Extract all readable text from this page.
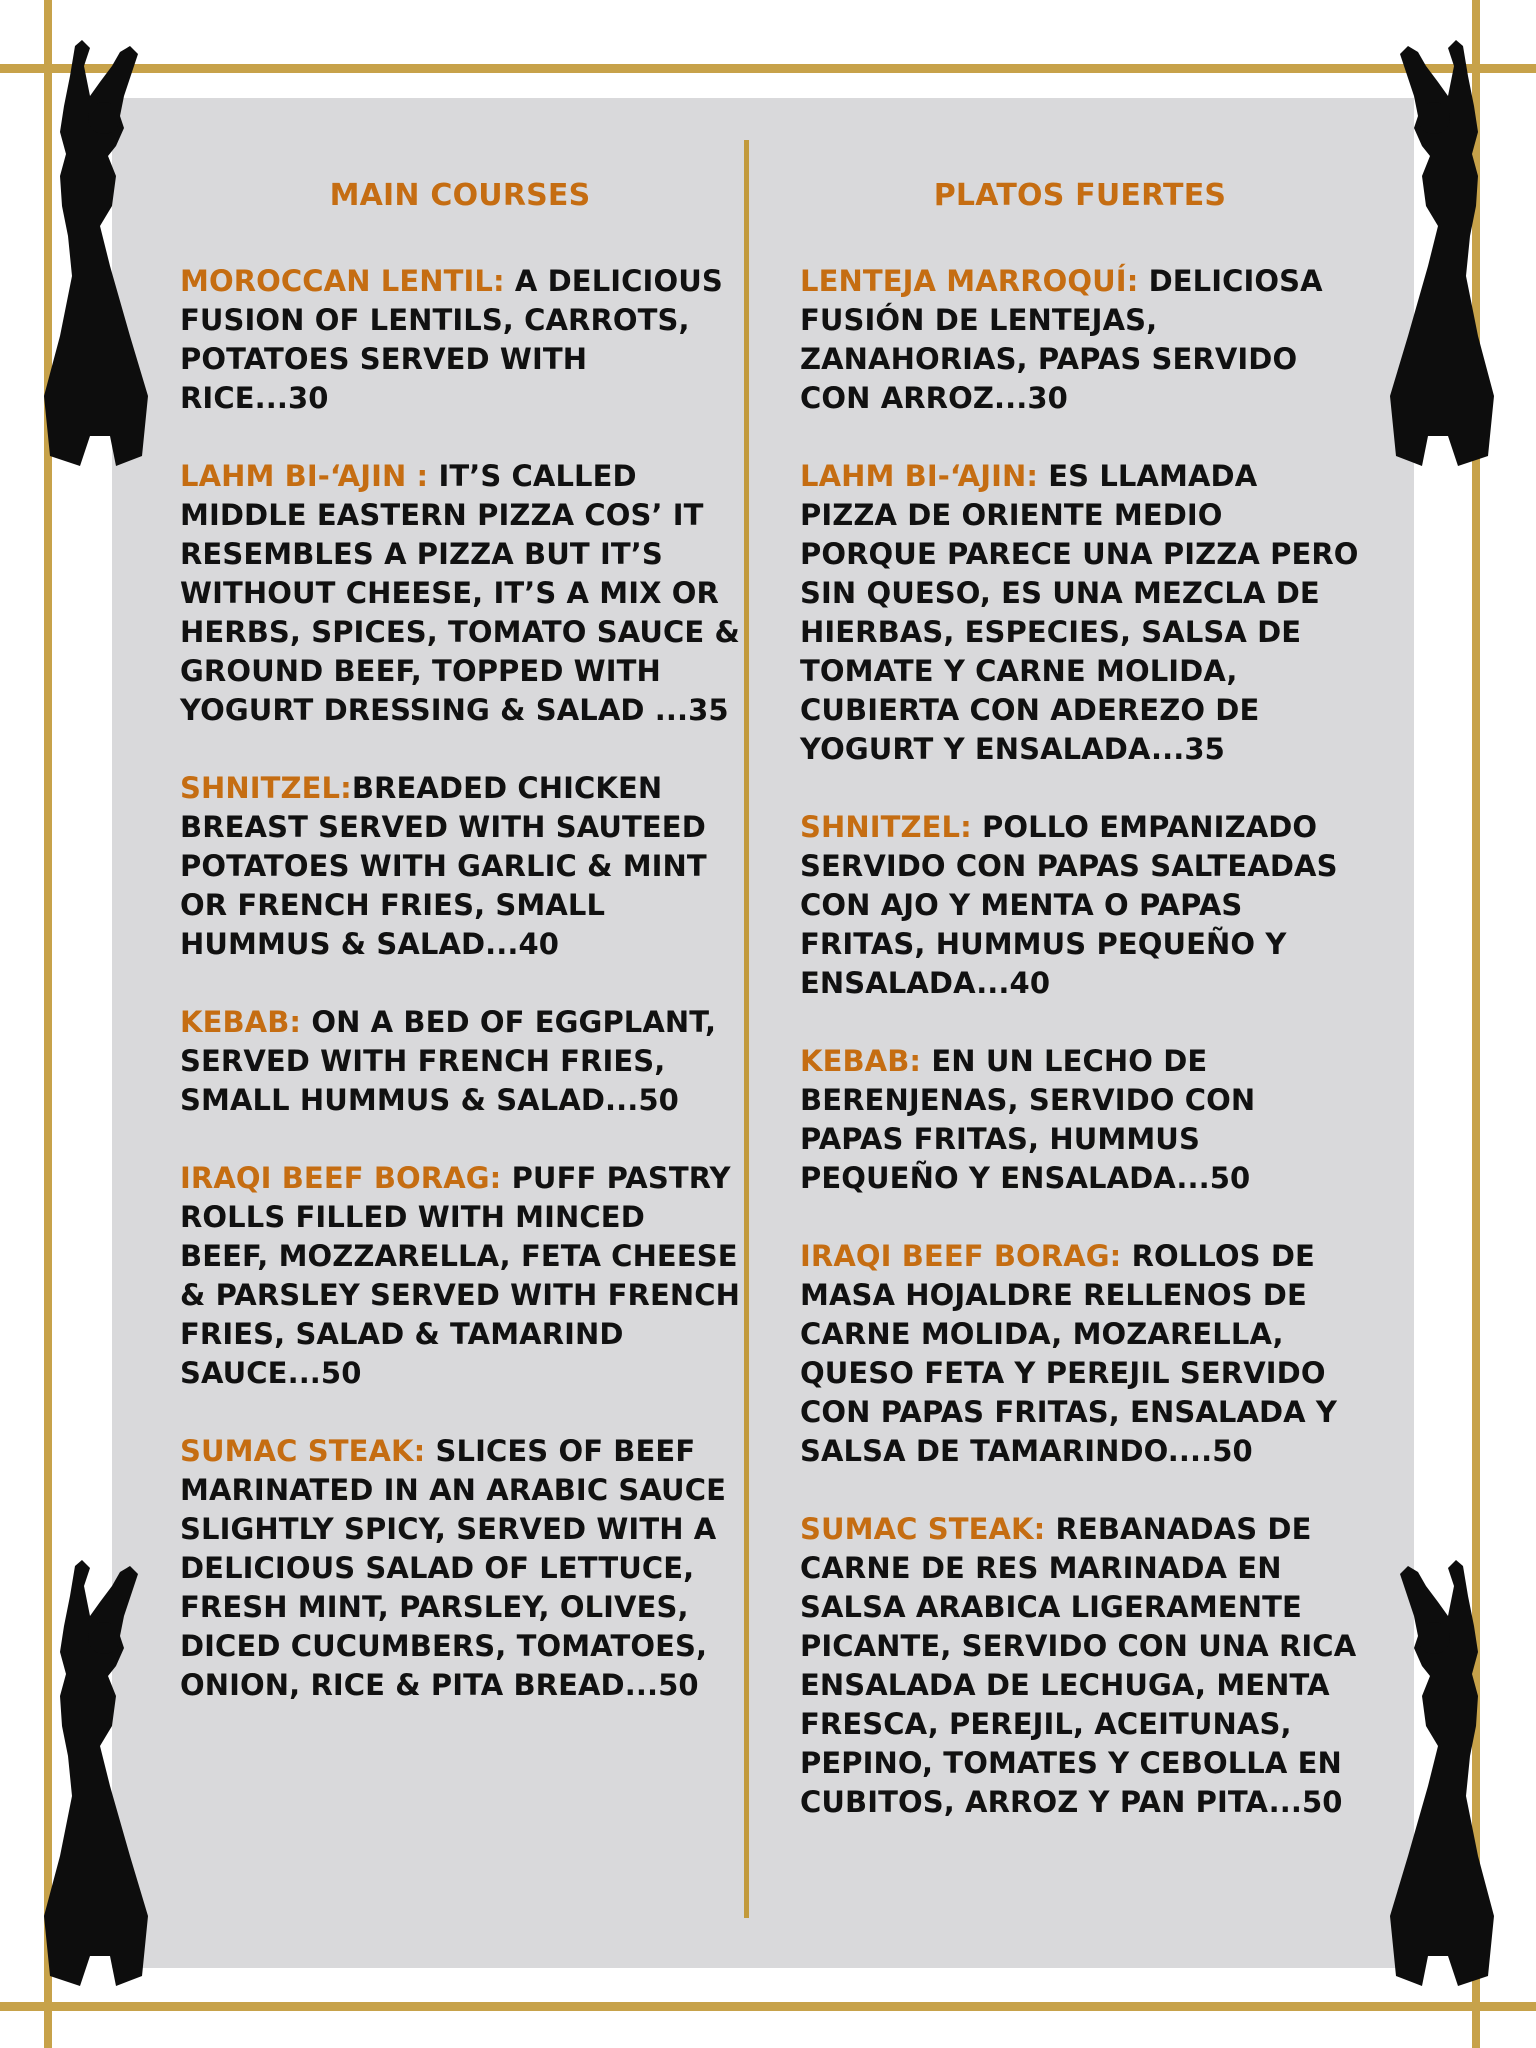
MAIN COURSES
MOROCCAN LENTIL: A DELICIOUS FUSION OF LENTILS, CARROTS, POTATOES SERVED WITH RICE...30
LAHM BI-‘AJIN : IT’S CALLED MIDDLE EASTERN PIZZA COS’ IT RESEMBLES A PIZZA BUT IT’S WITHOUT CHEESE, IT’S A MIX OR HERBS, SPICES, TOMATO SAUCE & GROUND BEEF, TOPPED WITH YOGURT DRESSING & SALAD ...35
SHNITZEL:BREADED CHICKEN BREAST SERVED WITH SAUTEED POTATOES WITH GARLIC & MINT OR FRENCH FRIES, SMALL HUMMUS & SALAD...40
KEBAB: ON A BED OF EGGPLANT, SERVED WITH FRENCH FRIES, SMALL HUMMUS & SALAD...50
IRAQI BEEF BORAG: PUFF PASTRY ROLLS FILLED WITH MINCED BEEF, MOZZARELLA, FETA CHEESE & PARSLEY SERVED WITH FRENCH FRIES, SALAD & TAMARIND SAUCE...50
SUMAC STEAK: SLICES OF BEEF MARINATED IN AN ARABIC SAUCE SLIGHTLY SPICY, SERVED WITH A DELICIOUS SALAD OF LETTUCE, FRESH MINT, PARSLEY, OLIVES, DICED CUCUMBERS, TOMATOES, ONION, RICE & PITA BREAD...50
PLATOS FUERTES
LENTEJA MARROQUÍ: DELICIOSA FUSIÓN DE LENTEJAS, ZANAHORIAS, PAPAS SERVIDO CON ARROZ...30
LAHM BI-‘AJIN: ES LLAMADA PIZZA DE ORIENTE MEDIO PORQUE PARECE UNA PIZZA PERO SIN QUESO, ES UNA MEZCLA DE HIERBAS, ESPECIES, SALSA DE TOMATE Y CARNE MOLIDA, CUBIERTA CON ADEREZO DE YOGURT Y ENSALADA...35
SHNITZEL: POLLO EMPANIZADO SERVIDO CON PAPAS SALTEADAS CON AJO Y MENTA O PAPAS FRITAS, HUMMUS PEQUEÑO Y ENSALADA...40
KEBAB: EN UN LECHO DE BERENJENAS, SERVIDO CON PAPAS FRITAS, HUMMUS PEQUEÑO Y ENSALADA...50
IRAQI BEEF BORAG: ROLLOS DE MASA HOJALDRE RELLENOS DE CARNE MOLIDA, MOZARELLA, QUESO FETA Y PEREJIL SERVIDO CON PAPAS FRITAS, ENSALADA Y SALSA DE TAMARINDO....50
SUMAC STEAK: REBANADAS DE CARNE DE RES MARINADA EN SALSA ARABICA LIGERAMENTE PICANTE, SERVIDO CON UNA RICA ENSALADA DE LECHUGA, MENTA FRESCA, PEREJIL, ACEITUNAS, PEPINO, TOMATES Y CEBOLLA EN CUBITOS, ARROZ Y PAN PITA...50
